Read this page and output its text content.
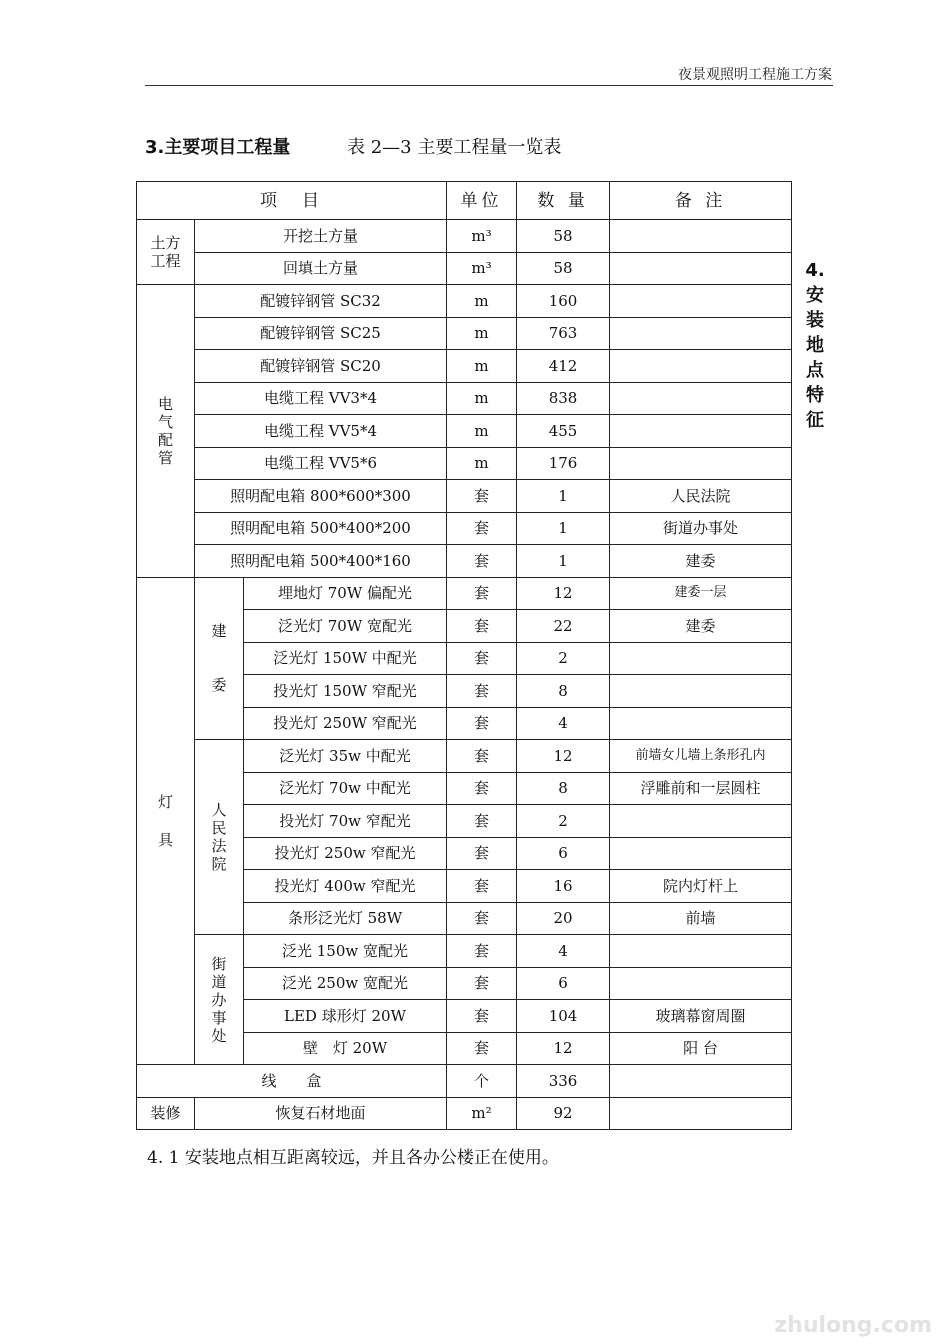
夜景观照明工程施工方案
3.主要项目工程量	表 2—3 主要工程量一览表
4.
安
装
地
点
特
征
项　目			单位	数 量	备 注

土方
工程	开挖土方量		m³	58	
	回填土方量		m³	58	

电
气
配
管	配镀锌钢管 SC32		m	160	
	配镀锌钢管 SC25		m	763	
	配镀锌钢管 SC20		m	412	
	电缆工程 VV3*4		m	838	
	电缆工程 VV5*4		m	455	
	电缆工程 VV5*6		m	176	
	照明配电箱 800*600*300		套	1	人民法院
	照明配电箱 500*400*200		套	1	街道办事处
	照明配电箱 500*400*160		套	1	建委

灯
具	建
委	埋地灯 70W 偏配光	套	12	建委一层
		泛光灯 70W 宽配光	套	22	建委
		泛光灯 150W 中配光	套	2	
		投光灯 150W 窄配光	套	8	
		投光灯 250W 窄配光	套	4	

	人
民
法
院	泛光灯 35w 中配光	套	12	前墙女儿墙上条形孔内
		泛光灯 70w 中配光	套	8	浮雕前和一层圆柱
		投光灯 70w 窄配光	套	2	
		投光灯 250w 窄配光	套	6	
		投光灯 400w 窄配光	套	16	院内灯杆上
		条形泛光灯 58W	套	20	前墙

	街
道
办
事
处	泛光 150w 宽配光	套	4	
		泛光 250w 宽配光	套	6	
		LED 球形灯 20W	套	104	玻璃幕窗周圈
		壁　灯 20W	套	12	阳 台
线　　盒			个	336	
装修	恢复石材地面		m²	92	
4. 1 安装地点相互距离较远，并且各办公楼正在使用。
zhulong.com
